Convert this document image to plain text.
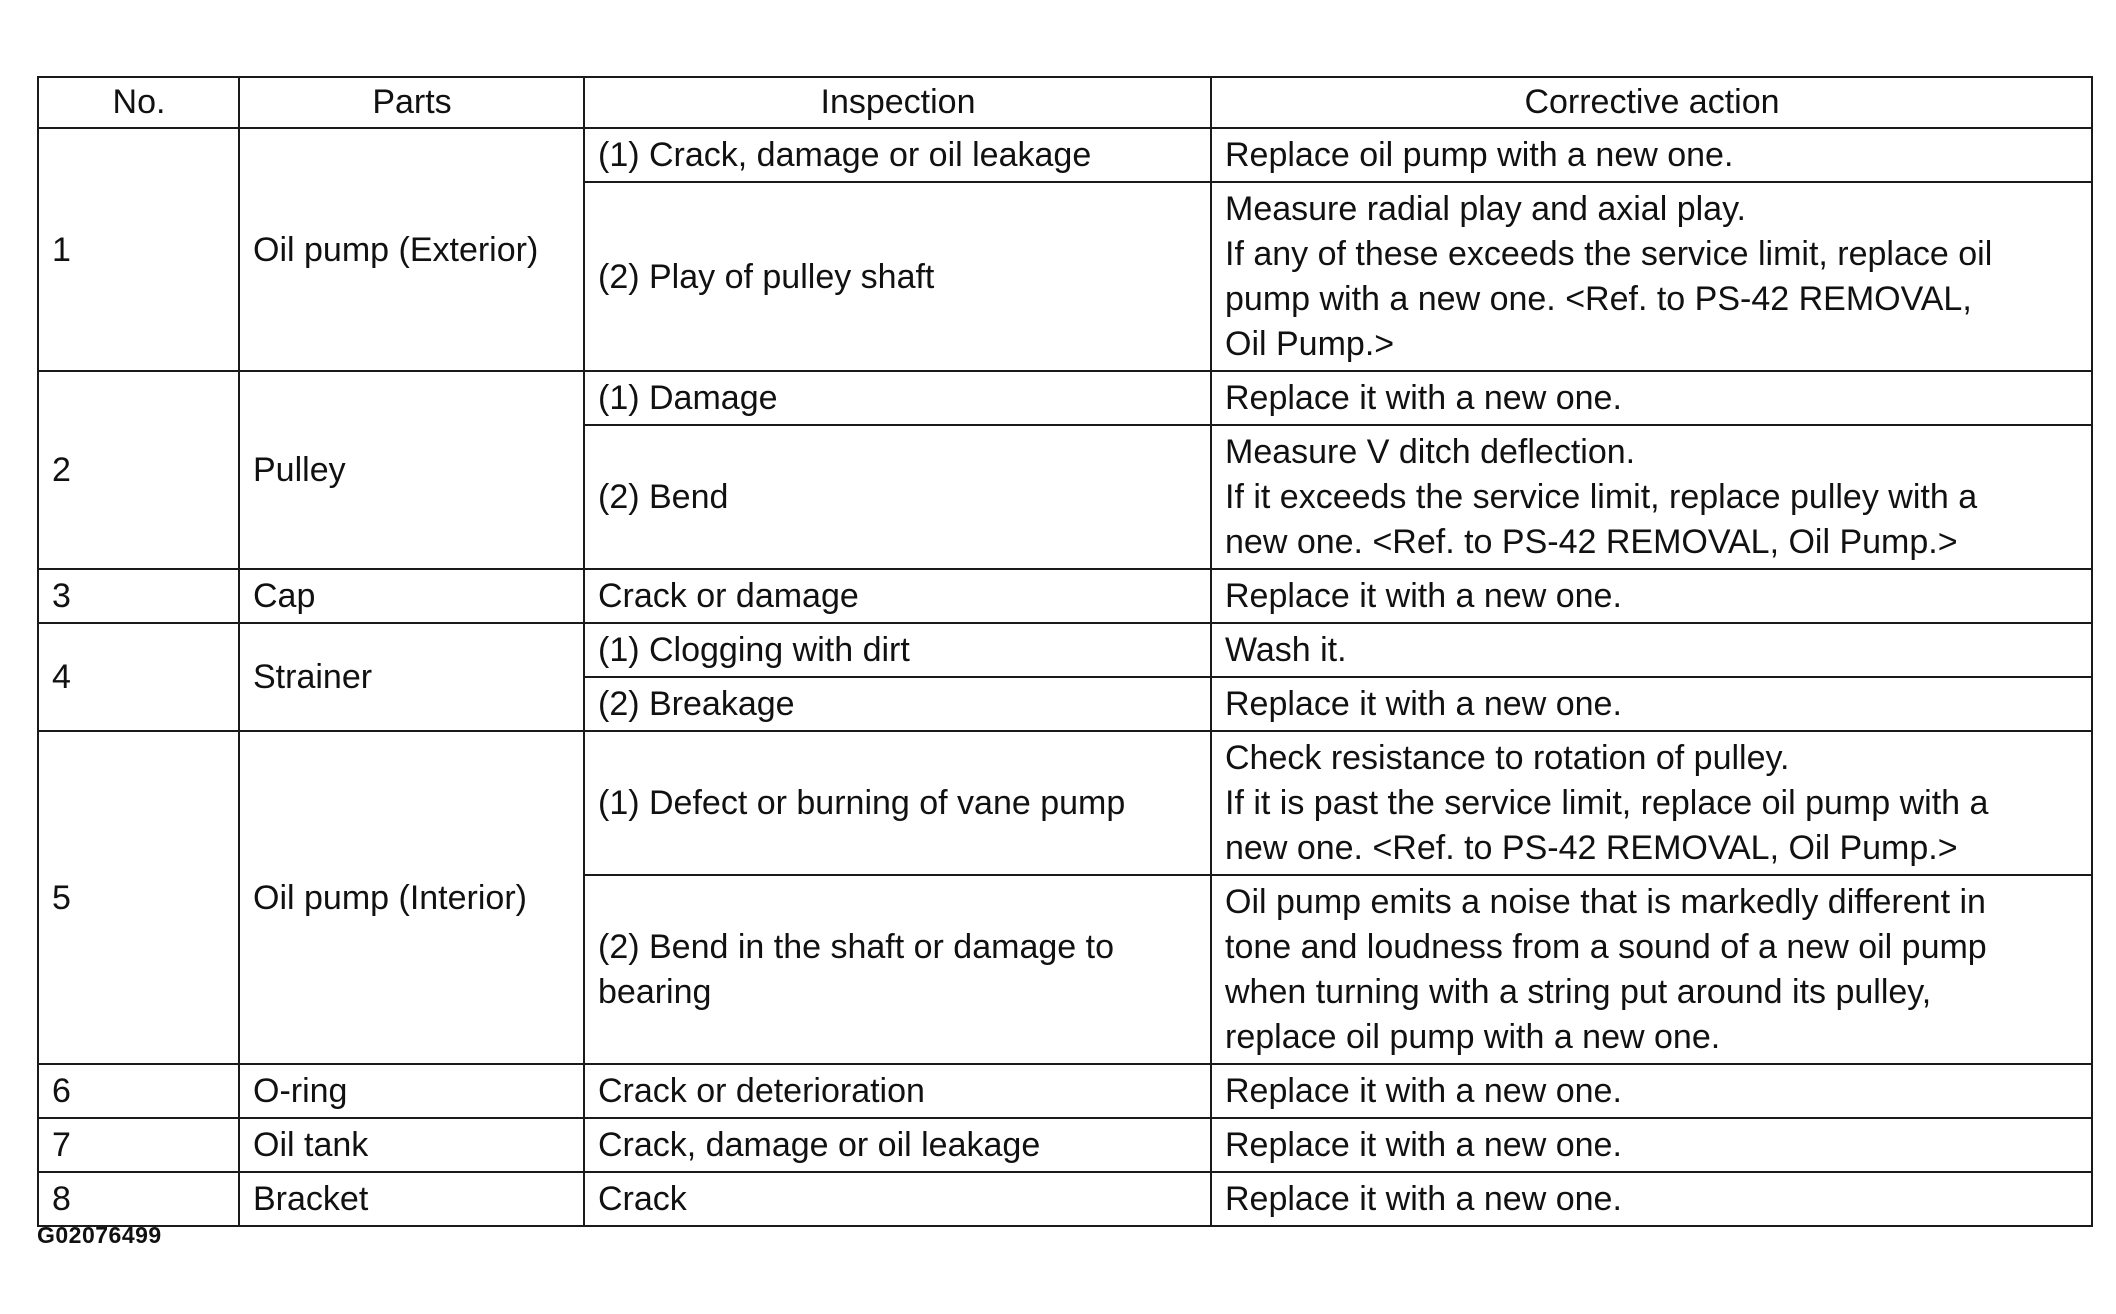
No.	Parts	Inspection	Corrective action
1	Oil pump (Exterior)	(1) Crack, damage or oil leakage	Replace oil pump with a new one.

		(2) Play of pulley shaft	Measure radial play and axial play.
If any of these exceeds the service limit, replace oil
pump with a new one. <Ref. to PS-42 REMOVAL,
Oil Pump.>

2	Pulley	(1) Damage	Replace it with a new one.

		(2) Bend	Measure V ditch deflection.
If it exceeds the service limit, replace pulley with a
new one. <Ref. to PS-42 REMOVAL, Oil Pump.>

3	Cap	Crack or damage	Replace it with a new one.

4	Strainer	(1) Clogging with dirt	Wash it.

		(2) Breakage	Replace it with a new one.

5	Oil pump (Interior)	(1) Defect or burning of vane pump	Check resistance to rotation of pulley.
If it is past the service limit, replace oil pump with a
new one. <Ref. to PS-42 REMOVAL, Oil Pump.>

		(2) Bend in the shaft or damage to
bearing	Oil pump emits a noise that is markedly different in
tone and loudness from a sound of a new oil pump
when turning with a string put around its pulley,
replace oil pump with a new one.

6	O-ring	Crack or deterioration	Replace it with a new one.

7	Oil tank	Crack, damage or oil leakage	Replace it with a new one.

8	Bracket	Crack	Replace it with a new one.
G02076499
